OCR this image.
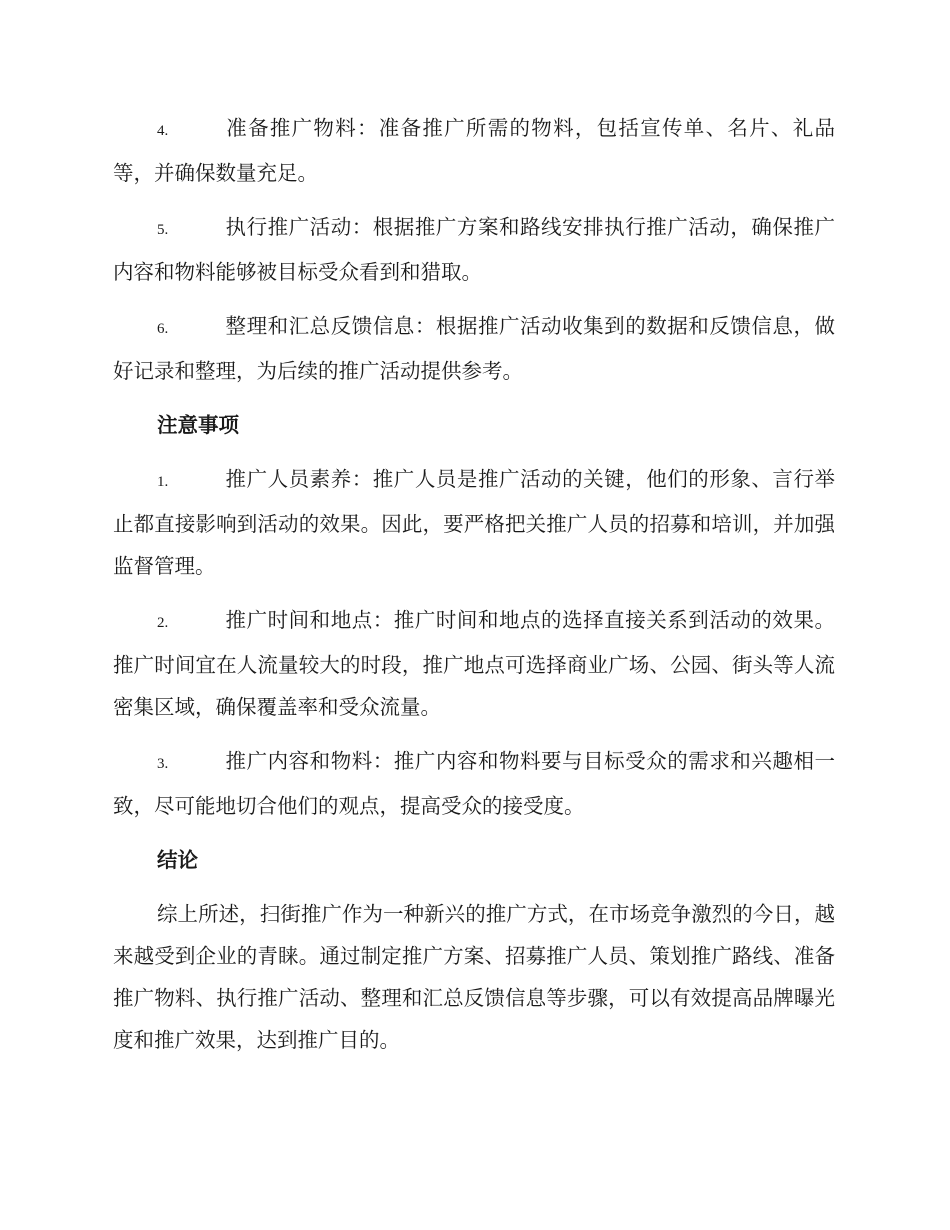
4.	准备推广物料：准备推广所需的物料，包括宣传单、名片、礼品等，并确保数量充足。

5.	执行推广活动：根据推广方案和路线安排执行推广活动，确保推广内容和物料能够被目标受众看到和猎取。

6.	整理和汇总反馈信息：根据推广活动收集到的数据和反馈信息，做好记录和整理，为后续的推广活动提供参考。

注意事项

1.	推广人员素养：推广人员是推广活动的关键，他们的形象、言行举止都直接影响到活动的效果。因此，要严格把关推广人员的招募和培训，并加强监督管理。

2.	推广时间和地点：推广时间和地点的选择直接关系到活动的效果。推广时间宜在人流量较大的时段，推广地点可选择商业广场、公园、街头等人流密集区域，确保覆盖率和受众流量。

3.	推广内容和物料：推广内容和物料要与目标受众的需求和兴趣相一致，尽可能地切合他们的观点，提高受众的接受度。

结论

综上所述，扫街推广作为一种新兴的推广方式，在市场竞争激烈的今日，越来越受到企业的青睐。通过制定推广方案、招募推广人员、策划推广路线、准备推广物料、执行推广活动、整理和汇总反馈信息等步骤，可以有效提高品牌曝光度和推广效果，达到推广目的。
